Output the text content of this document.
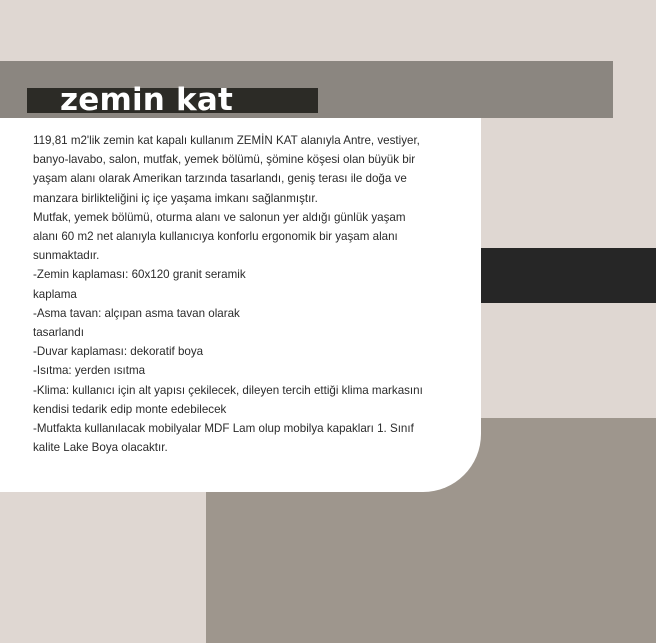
zemin kat
119,81 m2'lik zemin kat kapalı kullanım ZEMİN KAT alanıyla Antre, vestiyer,
banyo-lavabo, salon, mutfak, yemek bölümü, şömine köşesi olan büyük bir
yaşam alanı olarak Amerikan tarzında tasarlandı, geniş terası ile doğa ve
manzara birlikteliğini iç içe yaşama imkanı sağlanmıştır.
Mutfak, yemek bölümü, oturma alanı ve salonun yer aldığı günlük yaşam
alanı 60 m2 net alanıyla kullanıcıya konforlu ergonomik bir yaşam alanı
sunmaktadır.
-Zemin kaplaması: 60x120 granit seramik
kaplama
-Asma tavan: alçıpan asma tavan olarak
tasarlandı
-Duvar kaplaması: dekoratif boya
-Isıtma: yerden ısıtma
-Klima: kullanıcı için alt yapısı çekilecek, dileyen tercih ettiği klima markasını
kendisi tedarik edip monte edebilecek
-Mutfakta kullanılacak mobilyalar MDF Lam olup mobilya kapakları 1. Sınıf
kalite Lake Boya olacaktır.
